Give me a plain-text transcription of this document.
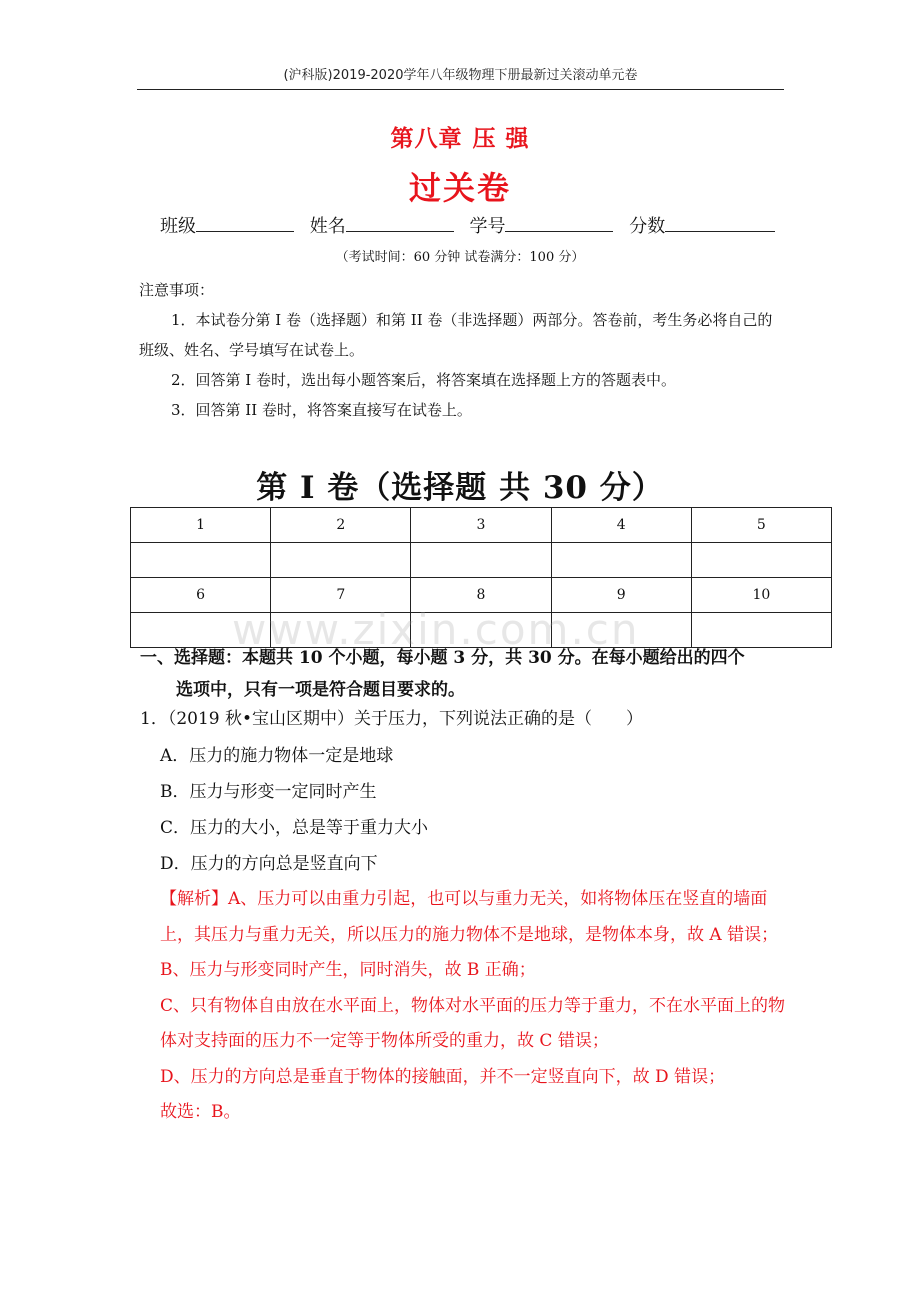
(沪科版)2019-2020学年八年级物理下册最新过关滚动单元卷
第八章 压 强
过关卷
班级	姓名	学号	分数
（考试时间：60 分钟 试卷满分：100 分）

注意事项：

1．本试卷分第 I 卷（选择题）和第 II 卷（非选择题）两部分。答卷前，考生务必将自己的班级、姓名、学号填写在试卷上。

2．回答第 I 卷时，选出每小题答案后，将答案填在选择题上方的答题表中。

3．回答第 II 卷时，将答案直接写在试卷上。

第 I 卷（选择题 共 30 分）
1	2	3	4	5

6	7	8	9	10

www.zixin.com.cn
一、选择题：本题共 10 个小题，每小题 3 分，共 30 分。在每小题给出的四个
选项中，只有一项是符合题目要求的。
1．（2019 秋•宝山区期中）关于压力，下列说法正确的是（　　）
A．压力的施力物体一定是地球
B．压力与形变一定同时产生
C．压力的大小，总是等于重力大小
D．压力的方向总是竖直向下

【解析】A、压力可以由重力引起，也可以与重力无关，如将物体压在竖直的墙面上，其压力与重力无关，所以压力的施力物体不是地球，是物体本身，故 A 错误；

B、压力与形变同时产生，同时消失，故 B 正确；

C、只有物体自由放在水平面上，物体对水平面的压力等于重力，不在水平面上的物体对支持面的压力不一定等于物体所受的重力，故 C 错误；

D、压力的方向总是垂直于物体的接触面，并不一定竖直向下，故 D 错误；

故选：B。
